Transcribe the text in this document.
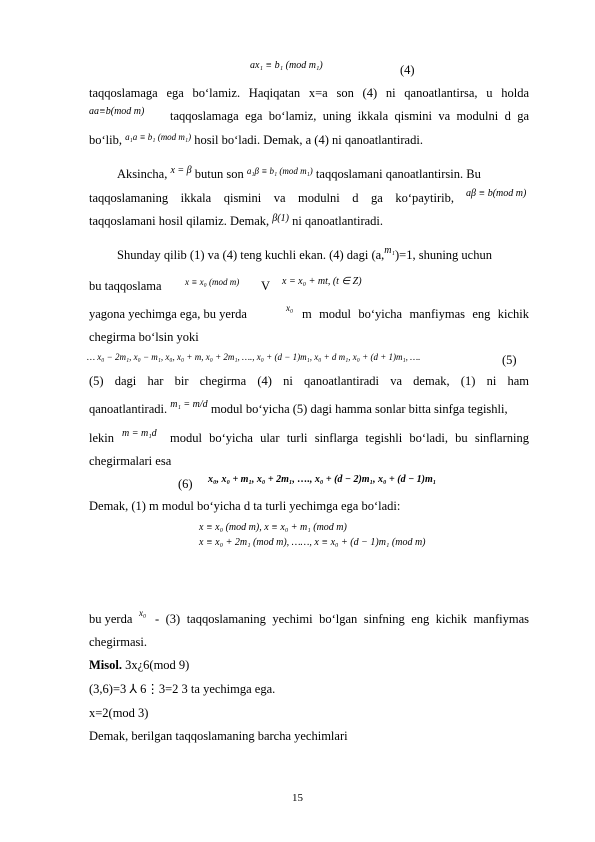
ax₁ ≡ b₁ (mod m₁)	(4)
taqqoslamaga ega bo‘lamiz. Haqiqatan x=a son (4) ni qanoatlantirsa, u holda
aa≡b(mod m) taqqoslamaga ega bo‘lamiz, uning ikkala qismini va modulni d ga
bo‘lib, $^{a_1a \equiv b_1 (mod m_1)}$ hosil bo‘ladi. Demak, a (4) ni qanoatlantiradi.
Aksincha, $^{x = \beta}$ butun son $^{a_1\beta \equiv b_1 (mod m_1)}$ taqqoslamani qanoatlantirsin. Bu
taqqoslamaning ikkala qismini va modulni d ga ko‘paytirib, aβ ≡ b(mod m)
taqqoslamani hosil qilamiz. Demak, $^{\beta(1)}$ ni qanoatlantiradi.
Shunday qilib (1) va (4) teng kuchli ekan. (4) dagi (a,$^{m_1}$)=1, shuning uchun
bu taqqoslama	x ≡ x₀ (mod m) V x = x₀ + mt, (t ∈ Z)
yagona yechimga ega, bu yerda	x₀ m modul bo‘yicha manfiymas eng kichik
chegirma bo‘lsin yoki
… x₀ − 2m₁, x₀ − m₁, x₀, x₀ + m, x₀ + 2m₁, …., x₀ + (d − 1)m₁, x₀ + d m₁, x₀ + (d + 1)m₁, ….	(5)
(5) dagi har bir chegirma (4) ni qanoatlantiradi va demak, (1) ni ham
qanoatlantiradi. $^{m_1 = m/d}$ modul bo‘yicha (5) dagi hamma sonlar bitta sinfga tegishli,
lekin m = m₁d modul bo‘yicha ular turli sinflarga tegishli bo‘ladi, bu sinflarning
chegirmalari esa
(6) x₀, x₀ + m₁, x₀ + 2m₁, …., x₀ + (d − 2)m₁, x₀ + (d − 1)m₁
Demak, (1) m modul bo‘yicha d ta turli yechimga ega bo‘ladi:
x ≡ x₀ (mod m), x ≡ x₀ + m₁ (mod m)
x ≡ x₀ + 2m₁ (mod m), ……, x ≡ x₀ + (d − 1)m₁ (mod m)
bu yerda x₀ - (3) taqqoslamaning yechimi bo‘lgan sinfning eng kichik manfiymas
chegirmasi.
Misol. 3x¿6(mod 9)
(3,6)=3 ⅄ 6⋮3=2 3 ta yechimga ega.
x=2(mod 3)
Demak, berilgan taqqoslamaning barcha yechimlari
15
